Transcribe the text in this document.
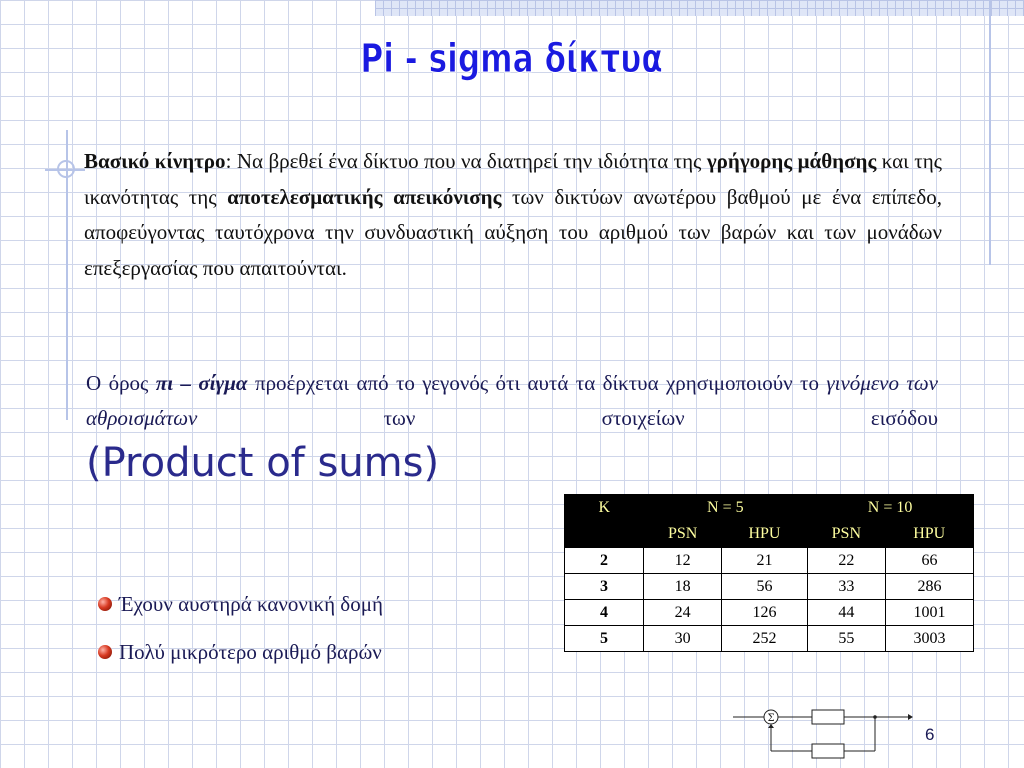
Pi - sigma δίκτυα

Βασικό κίνητρο: Να βρεθεί ένα δίκτυο που να διατηρεί την ιδιότητα της γρήγορης μάθησης και της ικανότητας της αποτελεσματικής απεικόνισης των δικτύων ανωτέρου βαθμού με ένα επίπεδο, αποφεύγοντας ταυτόχρονα την συνδυαστική αύξηση του αριθμού των βαρών και των μονάδων επεξεργασίας που απαιτούνται.

Ο όρος πι – σίγμα προέρχεται από το γεγονός ότι αυτά τα δίκτυα χρησιμοποιούν το γινόμενο των αθροισμάτων των στοιχείων εισόδου

(Product of sums)

Έχουν αυστηρά κανονική δομή
Πολύ μικρότερο αριθμό βαρών
K	N = 5		N = 10	
	PSN	HPU	PSN	HPU
2	12	21	22	66
3	18	56	33	286
4	24	126	44	1001
5	30	252	55	3003
Σ
6
